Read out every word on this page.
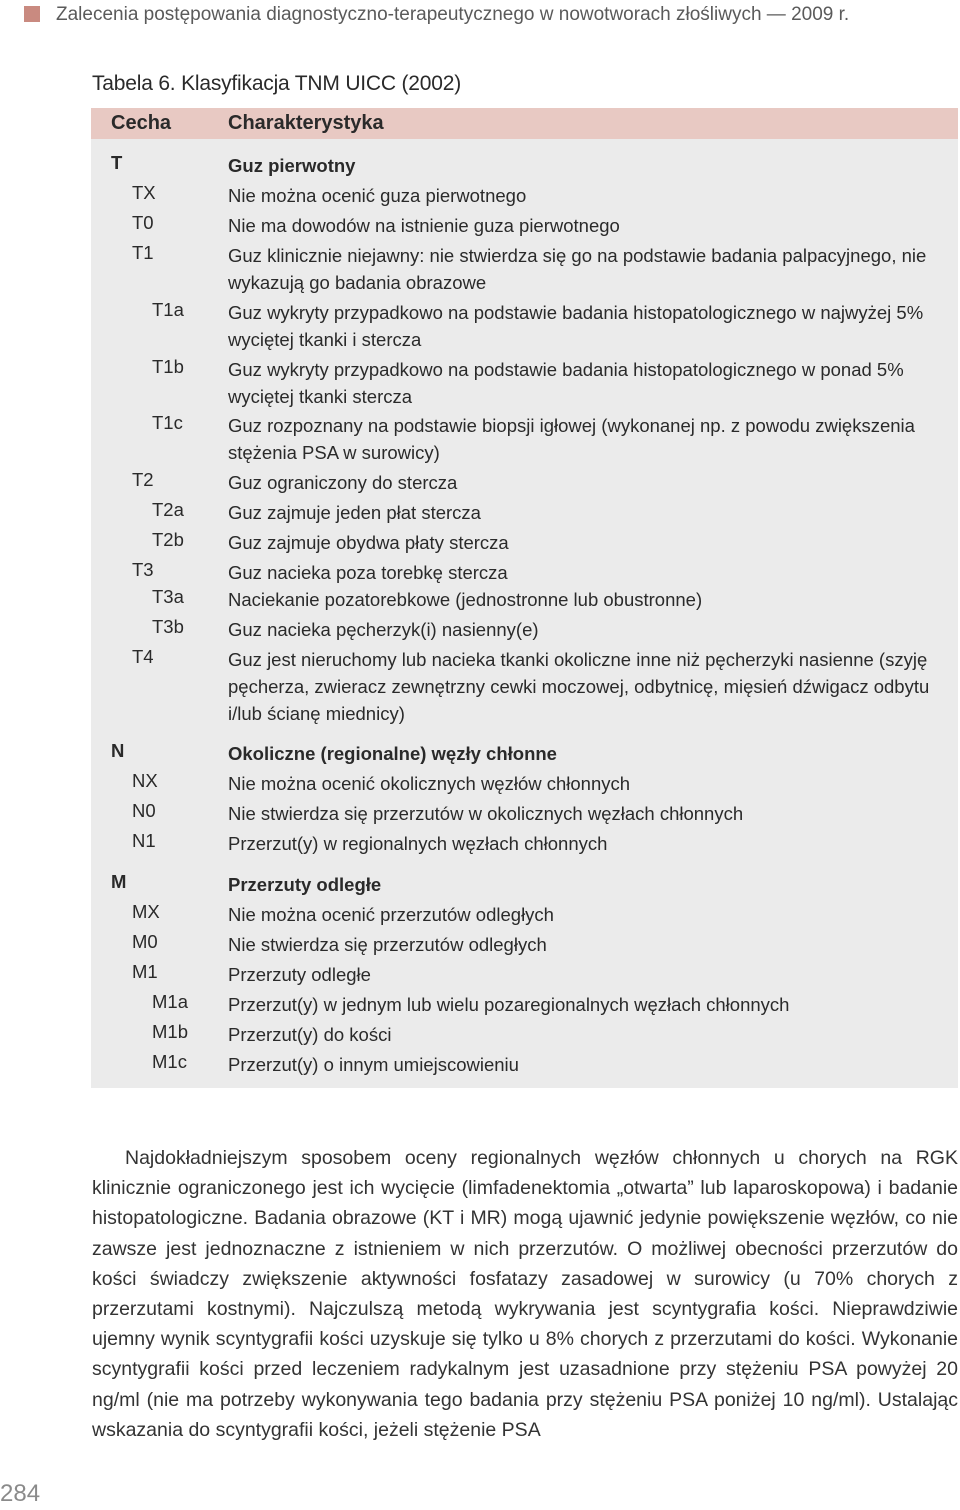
Zalecenia postępowania diagnostyczno-terapeutycznego w nowotworach złośliwych — 2009 r.
Tabela 6. Klasyfikacja TNM UICC (2002)
Cecha	Charakterystyka
T	Guz pierwotny
TX	Nie można ocenić guza pierwotnego
T0	Nie ma dowodów na istnienie guza pierwotnego
T1	Guz klinicznie niejawny: nie stwierdza się go na podstawie badania palpacyjnego, nie wykazują go badania obrazowe
T1a Guz wykryty przypadkowo na podstawie badania histopatologicznego w najwyżej 5% wyciętej tkanki i stercza
T1b Guz wykryty przypadkowo na podstawie badania histopatologicznego w ponad 5% wyciętej tkanki stercza
T1c Guz rozpoznany na podstawie biopsji igłowej (wykonanej np. z powodu zwiększenia stężenia PSA w surowicy)
T2	Guz ograniczony do stercza
T2a Guz zajmuje jeden płat stercza
T2b Guz zajmuje obydwa płaty stercza
T3	Guz nacieka poza torebkę stercza
T3a Naciekanie pozatorebkowe (jednostronne lub obustronne)
T3b Guz nacieka pęcherzyk(i) nasienny(e)
T4	Guz jest nieruchomy lub nacieka tkanki okoliczne inne niż pęcherzyki nasienne (szyję pęcherza, zwieracz zewnętrzny cewki moczowej, odbytnicę, mięsień dźwigacz odbytu i/lub ścianę miednicy)
N	Okoliczne (regionalne) węzły chłonne
NX	Nie można ocenić okolicznych węzłów chłonnych
N0	Nie stwierdza się przerzutów w okolicznych węzłach chłonnych
N1	Przerzut(y) w regionalnych węzłach chłonnych
M	Przerzuty odległe
MX	Nie można ocenić przerzutów odległych
M0	Nie stwierdza się przerzutów odległych
M1	Przerzuty odległe
M1a Przerzut(y) w jednym lub wielu pozaregionalnych węzłach chłonnych
M1b Przerzut(y) do kości
M1c Przerzut(y) o innym umiejscowieniu

Najdokładniejszym sposobem oceny regionalnych węzłów chłonnych u chorych na RGK klinicznie ograniczonego jest ich wycięcie (limfadenektomia „otwarta” lub laparoskopowa) i badanie histopatologiczne. Badania obrazowe (KT i MR) mogą ujawnić jedynie powiększenie węzłów, co nie zawsze jest jednoznaczne z istnieniem w nich przerzutów. O możliwej obecności przerzutów do kości świadczy zwiększenie aktywności fosfatazy zasadowej w surowicy (u 70% chorych z przerzutami kostnymi). Najczulszą metodą wykrywania jest scyntygrafia kości. Nieprawdziwie ujemny wynik scyntygrafii kości uzyskuje się tylko u 8% chorych z przerzutami do kości. Wykonanie scyntygrafii kości przed leczeniem radykalnym jest uzasadnione przy stężeniu PSA powyżej 20 ng/ml (nie ma potrzeby wykonywania tego badania przy stężeniu PSA poniżej 10 ng/ml). Ustalając wskazania do scyntygrafii kości, jeżeli stężenie PSA

284
